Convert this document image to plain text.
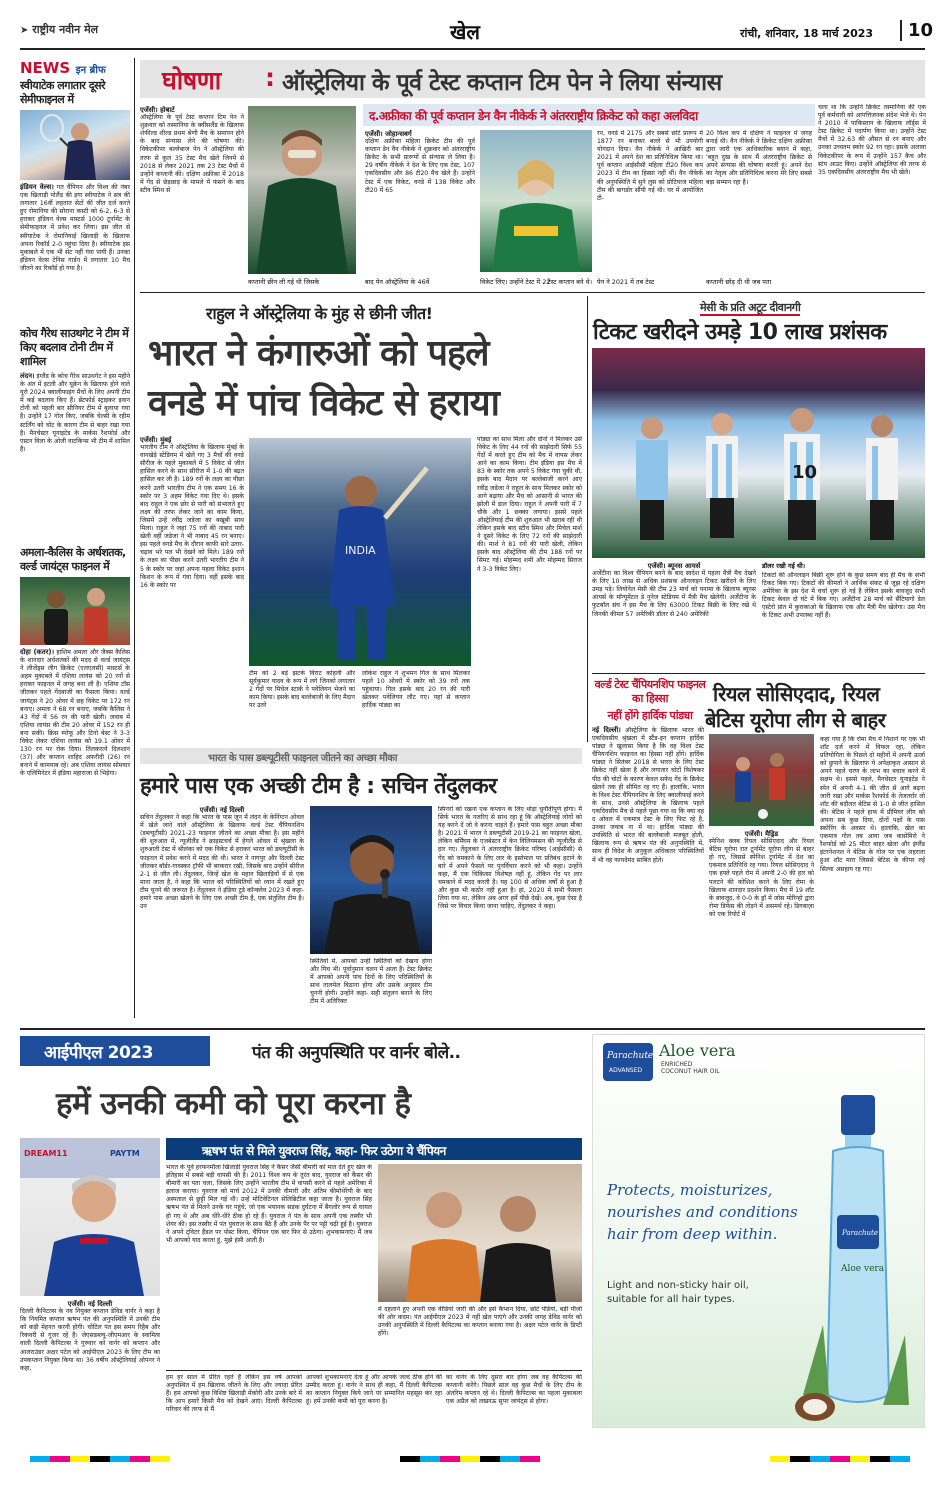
➤ राष्ट्रीय नवीन मेल	खेल	रांची, शनिवार, 18 मार्च 2023	10
NEWS इन ब्रीफ
स्वीयाटेक लगातार दूसरे सेमीफाइनल में
इंडियन वेल्स। गत चैंपियन और विश्व की नंबर एक खिलाड़ी पोलैंड की इगा स्वीयाटेक ने सत्र की लगातार 16वीं लहतात सेटों की जीत दर्ज करते हुए रोमानिया की सोराना कस्टी को 6-2, 6-3 से हराकर इंडियन वेल्स मास्टर्स 1000 टूर्नामेंट के सेमीफाइनल में प्रवेश कर लिया। इस जीत से स्वीयाटेक ने रोमानियाई खिलाड़ी के खिलाफ अपना रिकॉर्ड 2-0 पहुंचा दिया है। स्वीयाटेक इस मुकाबले में एक भी सेट नहीं गंवा पायी हैं। उनका इंडियन वेल्स टेनिस गार्डन में लगातार 10 मैच जीतने का रिकॉर्ड हो गया है।
कोच गैरेथ साउथगेट ने टीम में किए बदलाव टोनी टीम में शामिल
लंदन। इंग्लैंड के कोच गैरेथ साउथगेट ने इस महीने के अंत में इटली और यूक्रेन के खिलाफ होने वाले यूरो 2024 क्वालीफाइंग मैचों के लिए अपनी टीम में कई बदलाव किए हैं। ब्रेंटफोर्ड स्ट्राइकर इवान टोनी को पहली बार सीनियर टीम में बुलाया गया है। उन्होंने 17 गोल किए, जबकि चेल्सी के रहीम स्टर्लिंग को चोट के कारण टीम से बाहर रखा गया है। मैनचेस्टर यूनाइटेड के मार्कस रैशफोर्ड और एस्टन विला के ओली वाटकिन्स भी टीम में शामिल हैं।
अमला-कैलिस के अर्धशतक, वर्ल्ड जायंट्स फाइनल में
दोहा (कतर)। हाशिम अमला और जैक्स कैलिस के शानदार अर्धशतकों की मदद से वर्ल्ड जायंट्स ने लीजेंड्स लीग क्रिकेट (एलएलसी) मास्टर्स के अहम मुकाबले में एशिया लायंस को 20 रनों से हराकर फाइनल में जगह बना ली है। एशिया टॉस जीतकर पहले गेंदबाजी का फैसला किया। वर्ल्ड जायंट्स ने 20 ओवर में छह विकेट पर 172 रन बनाए। अमला ने 68 रन बनाए, जबकि कैलिस ने 43 गेंदों में 56 रन की पारी खेली। जवाब में एशिया लायंस की टीम 20 ओवर में 152 रन ही बना सकी। क्रिस म्पोफू और टिनो बेस्ट ने 3-3 विकेट लेकर एशिया लायंस को 19.1 ओवर में 130 रन पर रोक दिया। तिलकरत्ने दिलशान (37) और कप्तान शाहिद अफरीदी (26) रन बनाने में कामयाब रहे। अब एशिया लायंस सोमवार के एलिमिनेटर में इंडिया महाराजा से भिड़ेगा।
घोषणा : ऑस्ट्रेलिया के पूर्व टेस्ट कप्तान टिम पेन ने लिया संन्यास
एजेंसी। होबार्ट
ऑस्ट्रेलिया के पूर्व टेस्ट कप्तान टिम पेन ने शुक्रवार को तस्मानिया के क्वींसलैंड के खिलाफ शेफील्ड शील्ड प्रथम श्रेणी मैच के समापन होने के बाद संन्यास लेने की घोषणा की। विकेटकीपर बल्लेबाज पेन ने ऑस्ट्रेलिया की तरफ से कुल 35 टेस्ट मैच खेले जिनमें से 2018 से लेकर 2021 तक 23 टेस्ट मैचों में उन्होंने कप्तानी की। दक्षिण अफ्रीका में 2018 में गेंद से छेड़छाड़ के मामले में फंसने के बाद स्टीव स्मिथ से
कप्तानी छीन ली गई थी जिसके	बाद पेन ऑस्ट्रेलिया के 46वें
द.अफ्रीका की पूर्व कप्तान डेन वैन नीकेर्क ने अंतरराष्ट्रीय क्रिकेट को कहा अलविदा
एजेंसी। जोहान्सबर्ग
दक्षिण अफ्रीका महिला क्रिकेट टीम की पूर्व कप्तान डेन वैन नीकेर्क ने शुक्रवार को अंतरराष्ट्रीय क्रिकेट के सभी प्रारूपों से संन्यास ले लिया है। 29 वर्षीय नीकेर्क ने देश के लिए एक टेस्ट, 107 एकदिवसीय और 86 टी20 मैच खेले हैं। उन्होंने टेस्ट में एक विकेट, वनडे में 138 विकेट और टी20 में 65
विकेट लिए। उन्होंने टेस्ट में 22
टेस्ट कप्तान बने थे।
रन, वनडे में 2175 और सबसे छोटे प्रारूप में 1877 रन बनाकर बल्ले से भी उपयोगी योगदान दिया। वैन नीकेर्क ने आखिरी बार 2021 में अपने देश का प्रतिनिधित्व किया था। पूर्व कप्तान आईसीसी महिला टी20 विश्व कप 2023 में टीम का हिस्सा नहीं थीं। वैन नीकेर्क की अनुपस्थिति में सुने लुस को प्रोटियाज महिला टीम की बागडोर सौंपी गई थी। घर में आयोजित टी-
20 विश्व कप में दक्षिण ने फाइनल में जगह बनाई थी। वैन नीकेर्क ने क्रिकेट दक्षिण अफ्रीका द्वारा जारी एक आधिकारिक बयान में कहा, 'बहुत दुख के साथ मैं अंतरराष्ट्रीय क्रिकेट से अपने संन्यास की घोषणा करती हूं। अपने देश का नेतृत्व और प्रतिनिधित्व करना मेरे लिए सबसे बड़ा सम्मान रहा है।
पेन ने 2021 में तब टेस्ट	कप्तानी छोड़ दी थी जब पता
चला था कि उन्होंने क्रिकेट तस्मानिया की एक पूर्व कर्मचारी को आपत्तिजनक संदेश भेजे थे। पेन ने 2010 में पाकिस्तान के खिलाफ लॉर्ड्स में टेस्ट क्रिकेट में पदार्पण किया था। उन्होंने टेस्ट मैचों में 32.63 की औसत से रन बनाए और उनका उच्चतम स्कोर 92 रन रहा। इसके अलावा विकेटकीपर के रूप में उन्होंने 157 कैच और स्टंप आउट किए। उन्होंने ऑस्ट्रेलिया की तरफ से 35 एकदिवसीय अंतरराष्ट्रीय मैच भी खेले।
राहुल ने ऑस्ट्रेलिया के मुंह से छीनी जीत!
भारत ने कंगारुओं को पहले
वनडे में पांच विकेट से हराया
एजेंसी। मुंबई
भारतीय टीम ने ऑस्ट्रेलिया के खिलाफ मुंबई के वानखेड़े स्टेडियम में खेले गए 3 मैचों की वनडे सीरीज के पहले मुकाबले में 5 विकेट से जीत हासिल करने के साथ सीरीज में 1-0 की बढ़त हासिल कर ली है। 189 रनों के लक्ष्य का पीछा करने उतरी भारतीय टीम ने एक समय 16 के स्कोर पर 3 अहम विकेट गंवा दिए थे। इसके बाद राहुल ने एक छोर से पारी को संभालते हुए लक्ष्य की तरफ लेकर जाने का काम किया, जिसमें उन्हें रवींद्र जडेजा का बखूबी साथ मिला। राहुल ने जहां 75 रनों की नाबाद पारी खेली वहीं जडेजा ने भी नाबाद 45 रन बनाए। इस पहले वनडे मैच के दौरान काफी सारे उतार-चढ़ाव भरे पल भी देखने को मिले। 189 रनों के लक्ष्य का पीछा करने उतरी भारतीय टीम ने 5 के स्कोर पर जहां अपना पहला विकेट इशान किशन के रूप में गंवा दिया। वहीं इसके बाद 16 के स्कोर पर
INDIA
टीम को 2 बड़े झटके विराट कोहली और सूर्यकुमार यादव के रूप में लगे जिनको लगातार 2 गेंदों पर मिचेल स्टार्क ने पवेलियन भेजने का काम किया। इसके बाद बल्लेबाजी के लिए मैदान पर उतरे
लोकेश राहुल ने शुभमन गिल के साथ मिलकर पहले 10 ओवरों में स्कोर को 39 रनों तक पहुंचाया। गिल इसके बाद 20 रन की पारी खेलकर पवेलियन लौट गए। यहां से कप्तान हार्दिक पांड्या का
पांड्या का साथ मिला और दोनों ने मिलकर उसे विकेट के लिए 44 रनों की साझेदारी सिर्फ 55 गेंदों में करते हुए टीम को मैच में वापस लेकर आने का काम किया। टीम इंडिया इस मैच में 83 के स्कोर तक अपने 5 विकेट गंवा चुकी थी, इसके बाद मैदान पर बल्लेबाजी करने आए रवींद्र जडेजा ने राहुल के साथ मिलकर स्कोर को आगे बढ़ाया और मैच को आसानी से भारत की झोली में डाल दिया। राहुल ने अपनी पारी में 7 चौके और 1 छक्का लगाया। इससे पहले ऑस्ट्रेलियाई टीम की शुरुआत भी खराब रही थी लेकिन इसके बाद स्टीव स्मिथ और मिचेल मार्श ने दूसरे विकेट के लिए 72 रनों की साझेदारी की। मार्श ने 81 रनों की पारी खेली, लेकिन इसके बाद ऑस्ट्रेलिया की टीम 188 रनों पर सिमट गई। मोहम्मद शमी और मोहम्मद सिराज ने 3-3 विकेट लिए।
मेसी के प्रति अटूट दीवानगी
टिकट खरीदने उमड़े 10 लाख प्रशंसक
10
डॉलर रखी गई थी।
एजेंसी। ब्यूनस आयर्स
अर्जेंटीना का विश्व चैंपियन बनने के बाद स्वदेश में पहला मैत्री मैच देखने के लिए 10 लाख से अधिक प्रशंसक ऑनलाइन टिकट खरीदने के लिए उमड़ पड़े। लियोनेल मेसी की टीम 23 मार्च को पनामा के खिलाफ ब्यूनस आयर्स के मॉन्यूमेंटल डे नुनेज स्टेडियम में मैत्री मैच खेलेगी। अर्जेंटीना के फुटबॉल संघ ने इस मैच के लिए 63000 टिकट बिक्री के लिए रखे थे जिनकी कीमत 57 अमेरिकी डॉलर से 240 अमेरिकी
टिकटों की ऑनलाइन बिक्री शुरू होने के कुछ समय बाद ही मैच के सभी टिकट बिक गए। टिकटों की कीमतों ने आर्थिक संकट से जूझ रहे दक्षिण अमेरिका के इस देश में चर्चा शुरू हो गई है लेकिन इसके बावजूद सभी टिकट केवल दो घंटे में बिक गए। अर्जेंटीना 28 मार्च को सैंटियागो डेल एस्टेरो प्रांत में कुराकाओ के खिलाफ एक और मैत्री मैच खेलेगा। उस मैच के टिकट अभी उपलब्ध नहीं हैं।
वर्ल्ड टेस्ट चैंपियनशिप फाइनल का हिस्सा
नहीं होंगे हार्दिक पांड्या
नई दिल्ली। ऑस्ट्रेलिया के खिलाफ भारत की एकदिवसीय श्रृंखला में स्टैंड-इन कप्तान हार्दिक पांड्या ने खुलासा किया है कि वह विश्व टेस्ट चैंपियनशिप फाइनल का हिस्सा नहीं होंगे। हार्दिक पांड्या ने सितंबर 2018 से भारत के लिए टेस्ट क्रिकेट नहीं खेला है और लगातार चोटों विशेषकर पीठ की चोटों के कारण केवल सफेद गेंद के क्रिकेट खेलने तक ही सीमित रह गए हैं। हालांकि, भारत के विश्व टेस्ट चैंपियनशिप के लिए क्वालीफाई करने के साथ, उनसे ऑस्ट्रेलिया के खिलाफ पहले एकदिवसीय मैच से पहले पूछा गया था कि क्या वह द ओवल में एकमात्र टेस्ट के लिए फिट रहे है, उनका जवाब ना में था। हार्दिक पांड्या की उपस्थिति से भारत की बल्लेबाजी मजबूत होती, खिलाफ रूप से ऋषभ पंत की अनुपस्थिति में, साथ ही विदेश के अनुकूल अधिकतर परिस्थितियों में भी वह फायदेमंद साबित होते।
रियल सोसिएदाद, रियल
बेटिस यूरोपा लीग से बाहर
एजेंसी। मैड्रिड
स्पेनिश क्लब रियल सोसिएदाद और रियल बेटिस यूरोपा रात टूर्नामेंट यूरोपा लीग से बाहर हो गए, जिससे स्पेनिश टूर्नामेंट में देश का एकमात्र प्रतिनिधि रह गया। रियल सोसिएदाद ने एक हफ्ते पहले रोम में अपनी 2-0 की हार को पलटने की कोशिश करने के लिए रोमा के खिलाफ शानदार प्रदर्शन किया। मैच में 19 शॉट के बावजूद, वे 0-0 के ड्रॉ में जोस मोरिन्हो द्वारा रोमा डिफेंस की तोड़ने में असमर्थ रहे। डिगबाज़ा को एक रिपोर्ट में
कहा गया है कि रोमा मैच में निशाने पर एक भी शॉट दर्ज करने में विफल रहा, लेकिन प्रतियोगिता के पिछले दो महीनों में अपनी ऊर्जा को छुपाने के खिलाफ ये अपेक्षाकृत आसान से अपने पहले चरण के लाभ का बचाव करने में सक्षम थे। इससे पहले, मैनचेस्टर यूनाइटेड ने स्पेन में अपनी 4-1 की जीत से आगे बढ़ना जारी रखा और मार्कस रैशफोर्ड के तेजतर्रार लो शॉट की बदौलत बेटिस से 1-0 से जीत हासिल की। बेटिस ने पहले हाफ में प्रीमियर लीग को अपना सब कुछ दिया, दोनों पक्षों के पास स्कोरिंग के अवसर थे। हालांकि, खेल का एकमात्र गोल तब आया जब कासेमिरो ने रैशफोर्ड को 25 मीटर बाहर खेला और इंग्लैंड इंटरनेशनल ने बेटिस के गोल पर एक लहराता हुआ शॉट मारा जिससे बेटिस के कीपर रुई सिल्वा असहाय रह गए।
भारत के पास डब्ल्यूटीसी फाइनल जीतने का अच्छा मौका
हमारे पास एक अच्छी टीम है : सचिन तेंदुलकर
एजेंसी। नई दिल्ली
सचिन तेंदुलकर ने कहा कि भारत के पास जून में लंदन के केनिंग्टन ओवल में खेले जाने वाले ऑस्ट्रेलिया के खिलाफ वर्ल्ड टेस्ट चैंपियनशिप (डब्ल्यूटीसी) 2021-23 फाइनल जीतने का अच्छा मौका है। इस महीने की शुरुआत में, न्यूजीलैंड ने क्राइस्टचर्च में हेगले ओवल में श्रृंखला के शुरुआती टेस्ट में श्रीलंका को एक विकेट से हराकर भारत को डब्ल्यूटीसी के फाइनल में प्रवेश करने में मदद की थी। भारत ने नागपुर और दिल्ली टेस्ट जीतकर बॉर्डर-गावस्कर ट्रॉफी भी बरकरार रखी, जिसके बाद उन्होंने सीरीज 2-1 से जीत ली। तेंदुलकर, जिन्हें खेल के महान खिलाड़ियों में से एक माना जाता है, ने कहा कि भारत को परिस्थितियों को ध्यान में रखते हुए टीम चुनने की जरूरत है। तेंदुलकर ने इंडिया टुडे कॉन्क्लेव 2023 में कहा- हमारे पास अच्छा खेलने के लिए एक अच्छी टीम है, एक संतुलित टीम है। उन
स्थितियों में, आपको उन्हीं स्थितियों को देखना होगा और पिच भी। पूर्वानुमान चलन में आता है। टेस्ट क्रिकेट में आपको अपनी पांच दिनों के लिए परिस्थितियों के साथ तालमेल बिठाना होगा और उसके अनुसार टीम चुननी होगी। उन्होंने कहा- सही संतुलन बनाने के लिए टीम में अतिरिक्त
स्पिनरों को रखना एक कप्तान के लिए थोड़ा चुनौतीपूर्ण होगा। मैं सिर्फ भारत के नजरिए से साथ रहा हूं कि ऑस्ट्रेलियाई लोगों को यह करने दें जो वे करना चाहते हैं। हमारे पास बहुत अच्छा मौका है। 2021 में भारत ने डब्ल्यूटीसी 2019-21 का फाइनल खेला, लेकिन बर्मिंघम के एजबेस्टन में केन विलियमसन की न्यूजीलैंड से हार गए। तेंदुलकर ने अंतरराष्ट्रीय क्रिकेट परिषद (आईसीसी) से गेंद को चमकाने के लिए लार के इस्तेमाल पर प्रतिबंध हटाने के बारे में अपने फैसले पर पुनर्विचार करने को भी कहा। उन्होंने कहा, मैं एक चिकित्सा विशेषज्ञ नहीं हूं, लेकिन गेंद पर लार चमकाने में मदद करती है। यह 100 से अधिक वर्षों से हुआ है और कुछ भी कठोर नहीं हुआ है। हां, 2020 में सभी फैसला लिया गया था, लेकिन अब अगर हमें पीछे देखें। अब, कुछ ऐसा है जिसे पर विचार किया जाना चाहिए, तेंदुलकर ने कहा।
आईपीएल 2023	पंत की अनुपस्थिति पर वार्नर बोले..
हमें उनकी कमी को पूरा करना है
DREAM11	PAYTM
एजेंसी। नई दिल्ली
दिल्ली कैपिटल्स के नव नियुक्त कप्तान डेविड वार्नर ने कहा है कि नियमित कप्तान ऋषभ पंत की अनुपस्थिति में उनकी टीम को कड़ी मेहनत करनी होगी। चोटिल पंत इस समय रिहैब और रिकवरी से गुजर रहे हैं। जेएसडब्ल्यू-जीएमआर के स्वामित्व वाली दिल्ली कैपिटल्स ने गुरुवार को वार्नर को कप्तान और आलराउंडर अक्षर पटेल को आईपीएल 2023 के लिए टीम का उपकप्तान नियुक्त किया था। 36 वर्षीय ऑस्ट्रेलियाई ओपनर ने कहा,
ऋषभ पंत से मिले युवराज सिंह, कहा- फिर उठेगा ये चैंपियन
भारत के पूर्व हरफनमौला खिलाड़ी युवराज सिंह ने कैंसर जैसी बीमारी को मात देते हुए खेल के इतिहास में सबसे बड़ी वापसी की है। 2011 विश्व कप के तुरंत बाद, युवराज को कैंसर की बीमारी का पता चला, जिसके लिए उन्होंने भारतीय टीम में वापसी करने से पहले अमेरिका में इलाज कराया। युवराज को मार्च 2012 में उनकी वीमारी और अंतिम कीमोथेरेपी के बाद अस्पताल से छुट्टी मिल गई थी। उन्हें मोटिवेटिनल सेलिब्रिटीज कहा जाता है। युवराज सिंह ऋषभ पंत से मिलने उनके घर पहुंचे, जो एक भयानक सड़क दुर्घटना में बैंगलोर रूप से घायल हो गए थे और अब धीरे-धीरे ठीक हो रहे हैं। युवराज ने पंत के साथ अपनी एक तस्वीर भी शेयर की। इस तस्वीर में पंत युवराज के साथ बैठे हैं और उनके पैर पर पट्टी चढ़ी हुई है। युवराज ने अपने ट्विटर हैंडल पर पोस्ट किया, चैंपियन एक बार फिर से उठेगा। शुभकामनाएं। मैं जब भी आपको याद करता हूं, मुझे हंसी आती है।
में दहलाने हुए अपनी एक वीडियो जारी की और इसे कैप्शन दिया, छोटे पंडियो, बड़ी पींजों की ओर कदम। पंत आईपीएल 2023 में नहीं खेल पाएंगे और उनकी जगह डेविड वार्नर को उनकी अनुपस्थिति में दिल्ली कैपिटल्स का कप्तान बनाया गया है। अक्षर पटेल वार्नर के डिप्टी होंगे।
हम हर साल में प्रेरित रहते हैं लेकिन इस वर्ष आपको अनुपस्थित में हम खिलाफ जीतने के लिए और ज्यादा प्रेरित हैं। हम आपको कुछ विशिष्ट खिलाड़ी मेंकोरी और उनके बारे में कि आप हमारे किसी मैच को देखने आएं। दिल्ली कैपिटल्स परिवार की तरफ से मैं
आपको शुभकामनाएं देता हूं और आपके जल्द ठीक होने की उम्मीद करता हूं। वार्नर ने साथ ही कहा, मैं दिल्ली कैपिटल्स का कप्तान नियुक्त किये जाने पर सम्मानित महसूस कर रहा हूं। हमें उनकी कमी को पूरा करना है।
का वार्नर के लिए दूसरा बार होगा जब वह कैपिटल्स की कप्तानी करेंगे। पिछले साल वह कुछ मैचों के लिए टीम के अंतरिम कप्तान रहे थे। दिल्ली कैपिटल्स का पहला मुकाबला एक अप्रैल को लखनऊ सुपर जायंट्स से होगा।
Parachute
ADVANSED
Aloe vera
ENRICHED
COCONUT HAIR OIL
Protects, moisturizes, nourishes and conditions hair from deep within.
Light and non-sticky hair oil, suitable for all hair types.
Parachute
Aloe vera
